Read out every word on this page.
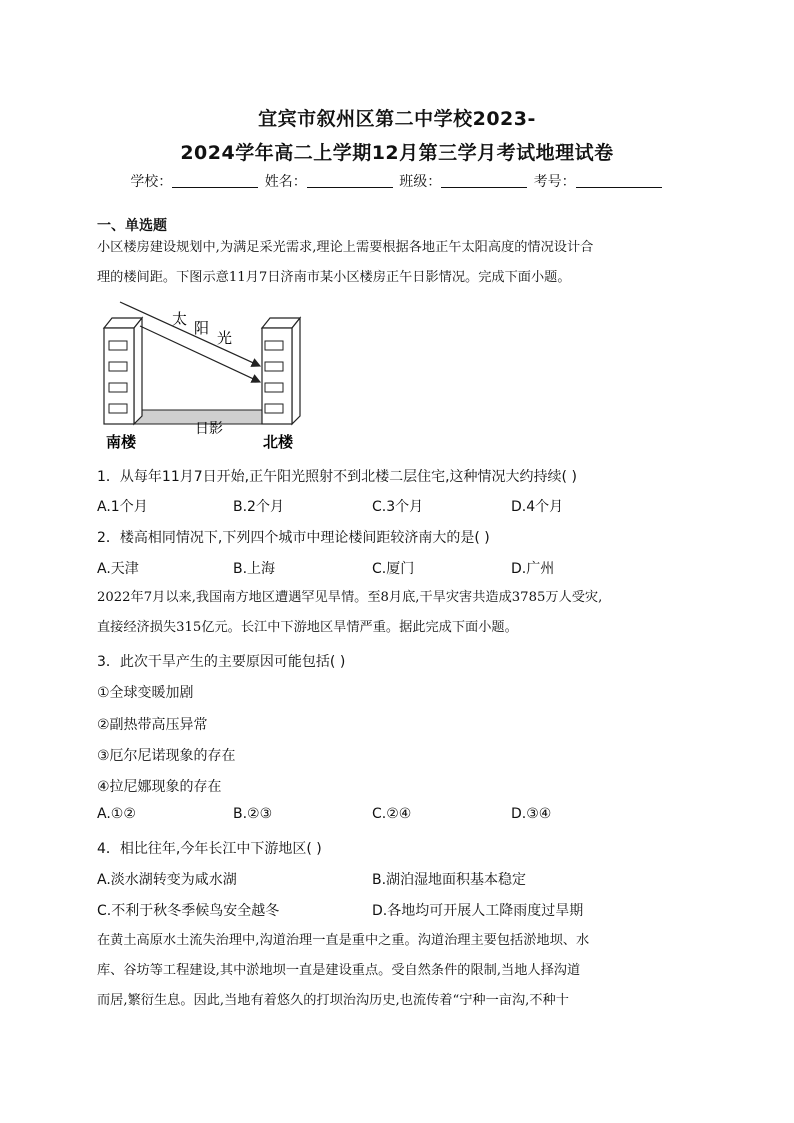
宜宾市叙州区第二中学校2023-
2024学年高二上学期12月第三学月考试地理试卷
学校：	姓名：	班级：	考号：
一、单选题
小区楼房建设规划中,为满足采光需求,理论上需要根据各地正午太阳高度的情况设计合
理的楼间距。下图示意11月7日济南市某小区楼房正午日影情况。完成下面小题。
太 阳
光
日影
南楼	北楼
1．从每年11月7日开始,正午阳光照射不到北楼二层住宅,这种情况大约持续( )
A.1个月	B.2个月	C.3个月	D.4个月
2．楼高相同情况下,下列四个城市中理论楼间距较济南大的是( )
A.天津	B.上海	C.厦门	D.广州
2022年7月以来,我国南方地区遭遇罕见旱情。至8月底,干旱灾害共造成3785万人受灾,
直接经济损失315亿元。长江中下游地区旱情严重。据此完成下面小题。
3．此次干旱产生的主要原因可能包括( )
①全球变暖加剧
②副热带高压异常
③厄尔尼诺现象的存在
④拉尼娜现象的存在
A.①②	B.②③	C.②④	D.③④
4．相比往年,今年长江中下游地区( )
A.淡水湖转变为咸水湖	B.湖泊湿地面积基本稳定
C.不利于秋冬季候鸟安全越冬	D.各地均可开展人工降雨度过旱期
在黄土高原水土流失治理中,沟道治理一直是重中之重。沟道治理主要包括淤地坝、水
库、谷坊等工程建设,其中淤地坝一直是建设重点。受自然条件的限制,当地人择沟道
而居,繁衍生息。因此,当地有着悠久的打坝治沟历史,也流传着“宁种一亩沟,不种十
